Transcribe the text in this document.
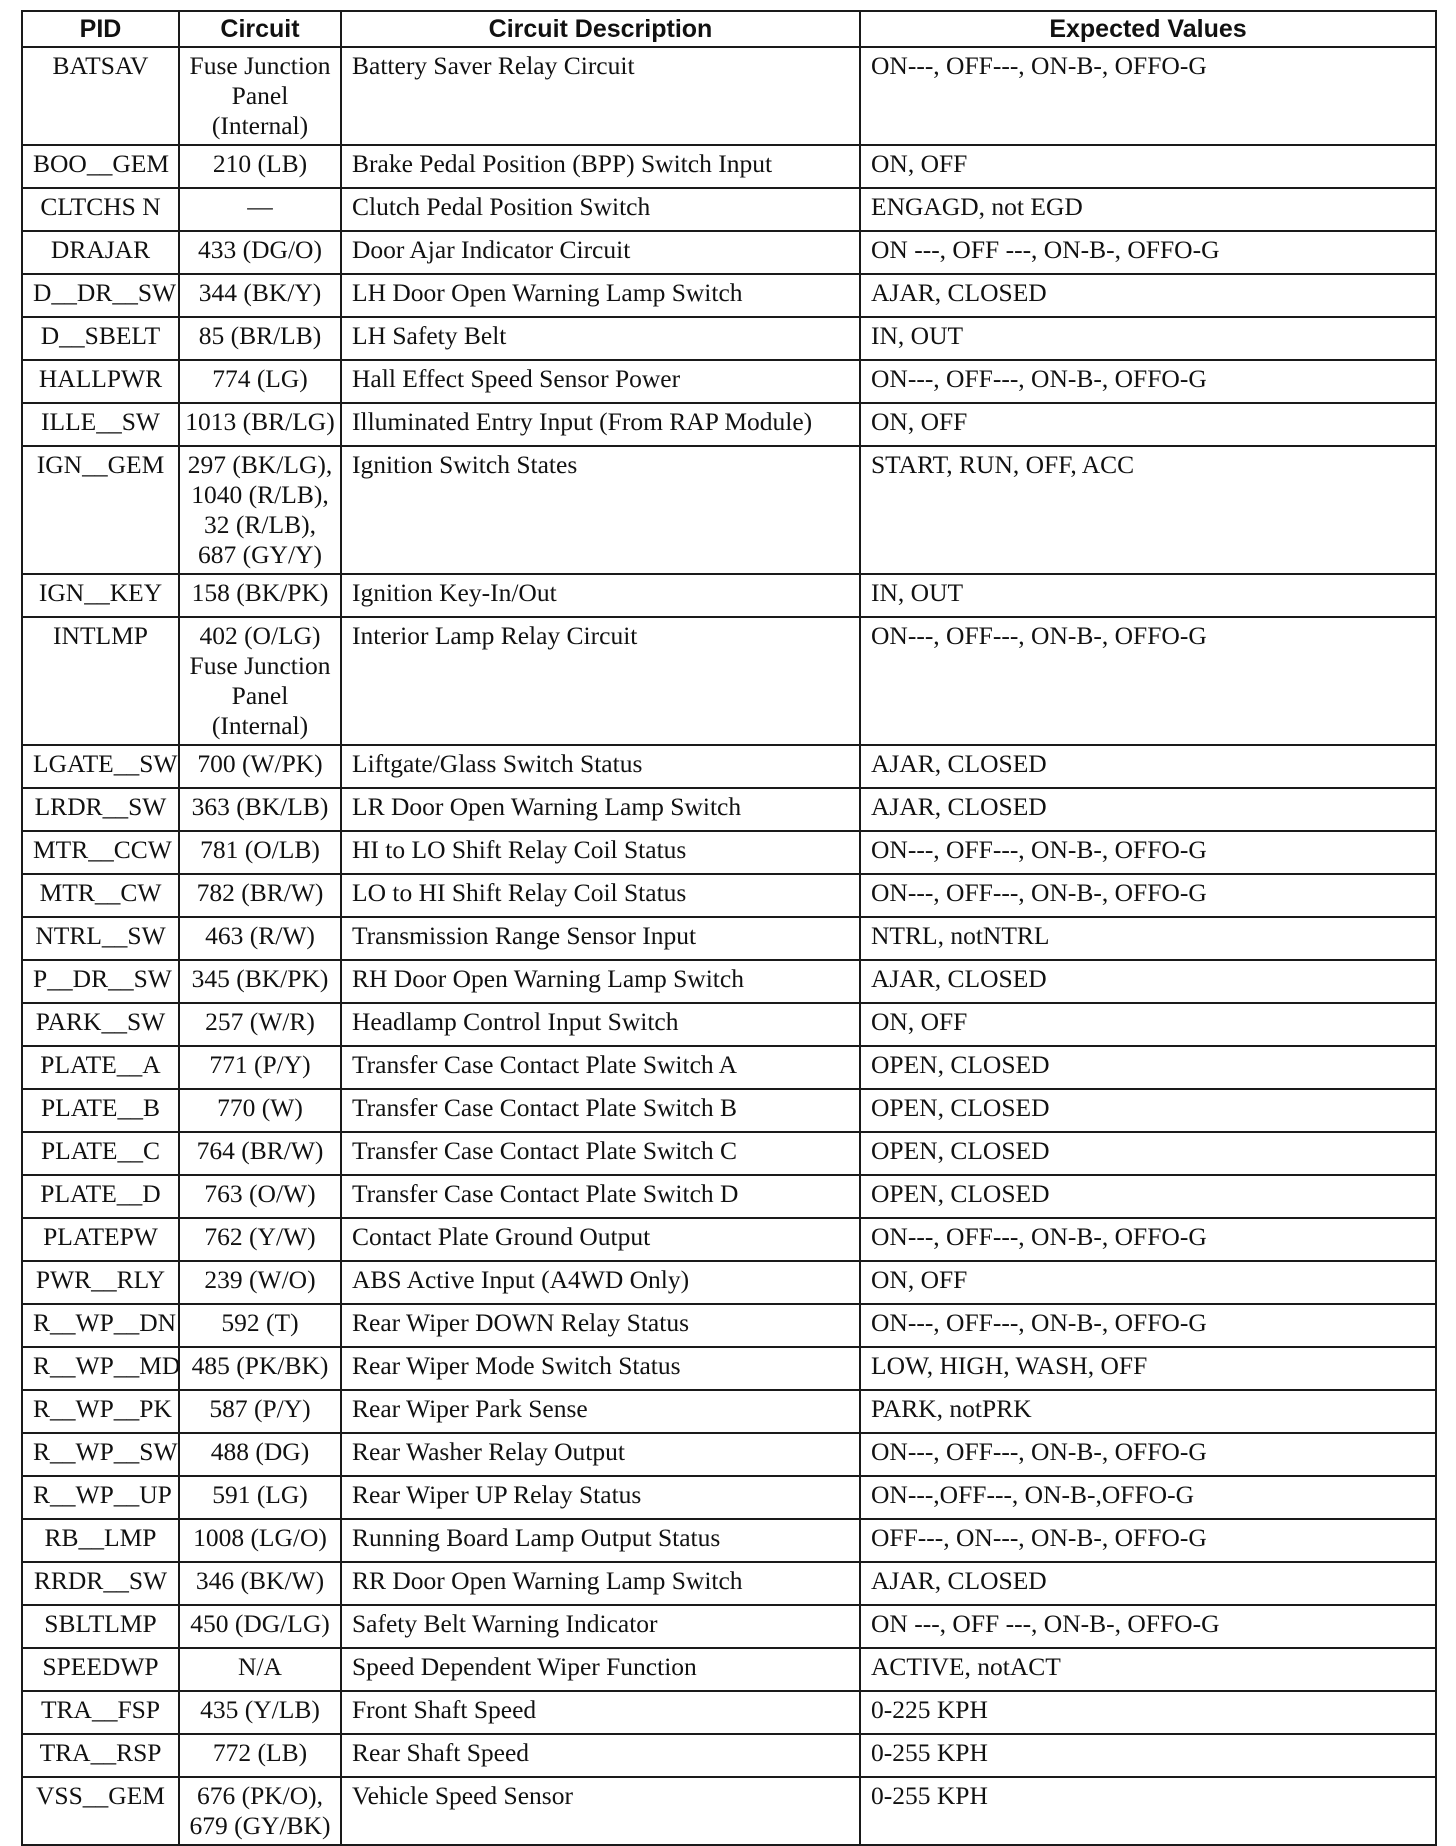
PID	Circuit	Circuit Description	Expected Values
BATSAV	Fuse Junction
Panel (Internal)	Battery Saver Relay Circuit	ON---, OFF---, ON-B-, OFFO-G
BOO__GEM	210 (LB)	Brake Pedal Position (BPP) Switch Input	ON, OFF
CLTCHS N	—	Clutch Pedal Position Switch	ENGAGD, not EGD
DRAJAR	433 (DG/O)	Door Ajar Indicator Circuit	ON ---, OFF ---, ON-B-, OFFO-G
D__DR__SW	344 (BK/Y)	LH Door Open Warning Lamp Switch	AJAR, CLOSED
D__SBELT	85 (BR/LB)	LH Safety Belt	IN, OUT
HALLPWR	774 (LG)	Hall Effect Speed Sensor Power	ON---, OFF---, ON-B-, OFFO-G
ILLE__SW	1013 (BR/LG)	Illuminated Entry Input (From RAP Module)	ON, OFF
IGN__GEM	297 (BK/LG),
1040 (R/LB),
32 (R/LB),
687 (GY/Y)	Ignition Switch States	START, RUN, OFF, ACC
IGN__KEY	158 (BK/PK)	Ignition Key-In/Out	IN, OUT
INTLMP	402 (O/LG)
Fuse Junction
Panel
(Internal)	Interior Lamp Relay Circuit	ON---, OFF---, ON-B-, OFFO-G
LGATE__SW	700 (W/PK)	Liftgate/Glass Switch Status	AJAR, CLOSED
LRDR__SW	363 (BK/LB)	LR Door Open Warning Lamp Switch	AJAR, CLOSED
MTR__CCW	781 (O/LB)	HI to LO Shift Relay Coil Status	ON---, OFF---, ON-B-, OFFO-G
MTR__CW	782 (BR/W)	LO to HI Shift Relay Coil Status	ON---, OFF---, ON-B-, OFFO-G
NTRL__SW	463 (R/W)	Transmission Range Sensor Input	NTRL, notNTRL
P__DR__SW	345 (BK/PK)	RH Door Open Warning Lamp Switch	AJAR, CLOSED
PARK__SW	257 (W/R)	Headlamp Control Input Switch	ON, OFF
PLATE__A	771 (P/Y)	Transfer Case Contact Plate Switch A	OPEN, CLOSED
PLATE__B	770 (W)	Transfer Case Contact Plate Switch B	OPEN, CLOSED
PLATE__C	764 (BR/W)	Transfer Case Contact Plate Switch C	OPEN, CLOSED
PLATE__D	763 (O/W)	Transfer Case Contact Plate Switch D	OPEN, CLOSED
PLATEPW	762 (Y/W)	Contact Plate Ground Output	ON---, OFF---, ON-B-, OFFO-G
PWR__RLY	239 (W/O)	ABS Active Input (A4WD Only)	ON, OFF
R__WP__DN	592 (T)	Rear Wiper DOWN Relay Status	ON---, OFF---, ON-B-, OFFO-G
R__WP__MD	485 (PK/BK)	Rear Wiper Mode Switch Status	LOW, HIGH, WASH, OFF
R__WP__PK	587 (P/Y)	Rear Wiper Park Sense	PARK, notPRK
R__WP__SW	488 (DG)	Rear Washer Relay Output	ON---, OFF---, ON-B-, OFFO-G
R__WP__UP	591 (LG)	Rear Wiper UP Relay Status	ON---,OFF---, ON-B-,OFFO-G
RB__LMP	1008 (LG/O)	Running Board Lamp Output Status	OFF---, ON---, ON-B-, OFFO-G
RRDR__SW	346 (BK/W)	RR Door Open Warning Lamp Switch	AJAR, CLOSED
SBLTLMP	450 (DG/LG)	Safety Belt Warning Indicator	ON ---, OFF ---, ON-B-, OFFO-G
SPEEDWP	N/A	Speed Dependent Wiper Function	ACTIVE, notACT
TRA__FSP	435 (Y/LB)	Front Shaft Speed	0-225 KPH
TRA__RSP	772 (LB)	Rear Shaft Speed	0-255 KPH
VSS__GEM	676 (PK/O),
679 (GY/BK)	Vehicle Speed Sensor	0-255 KPH
